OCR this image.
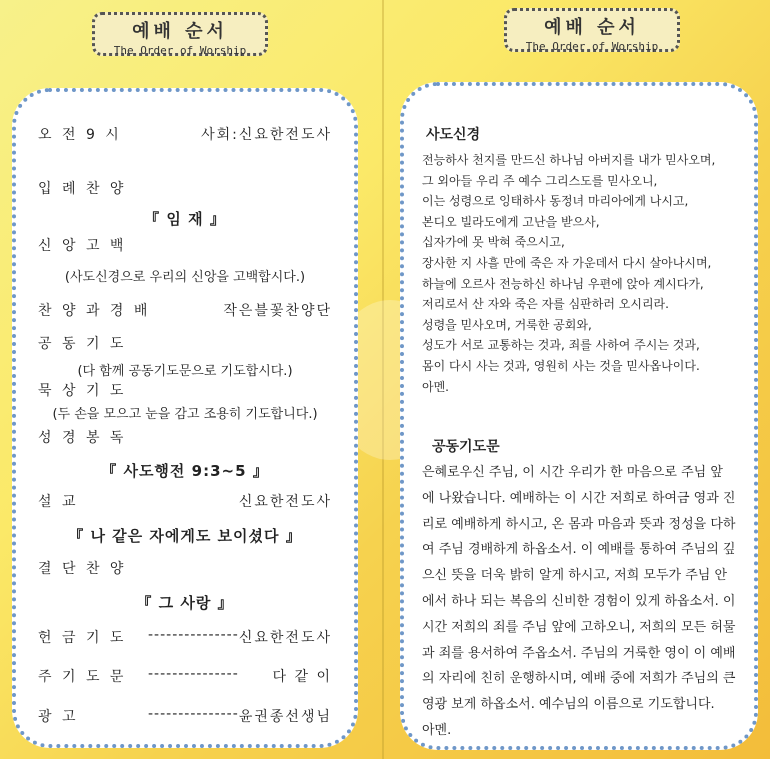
예배 순서
The Order of Worship
오 전 9 시	사회:신요한전도사
입 례 찬 양
『 임 재 』
신 앙 고 백
(사도신경으로 우리의 신앙을 고백합시다.)
찬 양 과 경 배	작은블꽃찬양단
공 동 기 도
(다 함께 공동기도문으로 기도합시다.)
묵 상 기 도
(두 손을 모으고 눈을 감고 조용히 기도합니다.)
성 경 봉 독
『 사도행전 9:3~5 』
설 교	신요한전도사
『 나 같은 자에게도 보이셨다 』
결 단 찬 양
『 그 사랑 』
헌 금 기 도 --------------- 신요한전도사
주 기 도 문 --------------- 다 같 이
광 고	--------------- 윤권종선생님
예배 순서
The Order of Worship
사도신경
전능하사 천지를 만드신 하나님 아버지를 내가 믿사오며,
그 외아들 우리 주 예수 그리스도를 믿사오니,
이는 성령으로 잉태하사 동정녀 마리아에게 나시고,
본디오 빌라도에게 고난을 받으사,
십자가에 못 박혀 죽으시고,
장사한 지 사흘 만에 죽은 자 가운데서 다시 살아나시며,
하늘에 오르사 전능하신 하나님 우편에 앉아 계시다가,
저리로서 산 자와 죽은 자를 심판하러 오시리라.
성령을 믿사오며, 거룩한 공회와,
성도가 서로 교통하는 것과, 죄를 사하여 주시는 것과,
몸이 다시 사는 것과, 영원히 사는 것을 믿사옵나이다.
아멘.
공동기도문
은혜로우신 주님, 이 시간 우리가 한 마음으로 주님 앞
에 나왔습니다. 예배하는 이 시간 저희로 하여금 영과 진
리로 예배하게 하시고, 온 몸과 마음과 뜻과 정성을 다하
여 주님 경배하게 하옵소서. 이 예배를 통하여 주님의 깊
으신 뜻을 더욱 밝히 알게 하시고, 저희 모두가 주님 안
에서 하나 되는 복음의 신비한 경험이 있게 하옵소서. 이
시간 저희의 죄를 주님 앞에 고하오니, 저희의 모든 허물
과 죄를 용서하여 주옵소서. 주님의 거룩한 영이 이 예배
의 자리에 친히 운행하시며, 예배 중에 저희가 주님의 큰
영광 보게 하옵소서. 예수님의 이름으로 기도합니다.
아멘.
